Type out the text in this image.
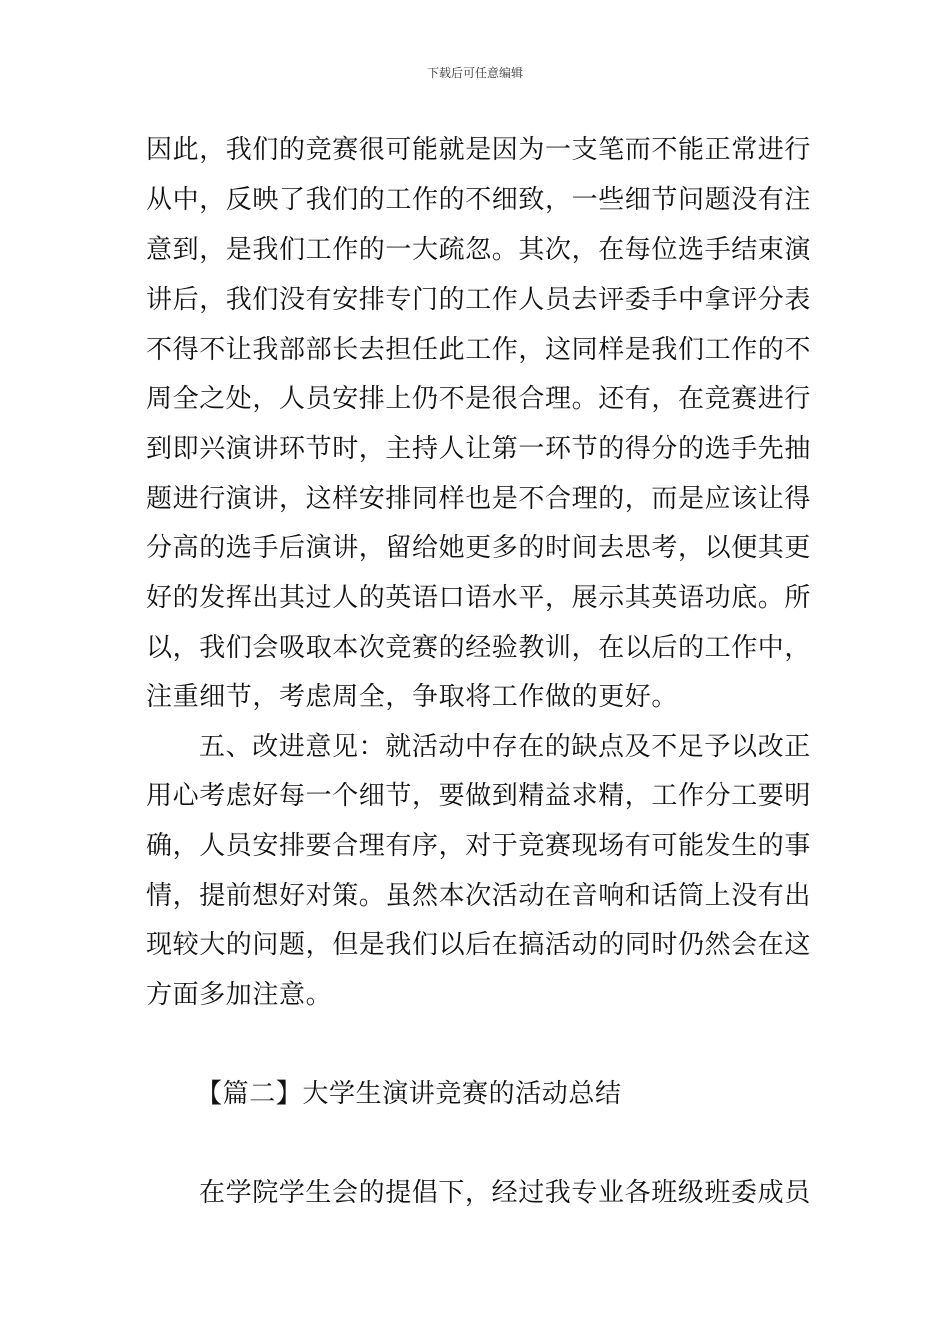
下载后可任意编辑
因此，我们的竞赛很可能就是因为一支笔而不能正常进行
从中，反映了我们的工作的不细致，一些细节问题没有注
意到，是我们工作的一大疏忽。其次，在每位选手结束演
讲后，我们没有安排专门的工作人员去评委手中拿评分表
不得不让我部部长去担任此工作，这同样是我们工作的不
周全之处，人员安排上仍不是很合理。还有，在竞赛进行
到即兴演讲环节时，主持人让第一环节的得分的选手先抽
题进行演讲，这样安排同样也是不合理的，而是应该让得
分高的选手后演讲，留给她更多的时间去思考，以便其更
好的发挥出其过人的英语口语水平，展示其英语功底。所
以，我们会吸取本次竞赛的经验教训，在以后的工作中，
注重细节，考虑周全，争取将工作做的更好。
五、改进意见：就活动中存在的缺点及不足予以改正
用心考虑好每一个细节，要做到精益求精，工作分工要明
确，人员安排要合理有序，对于竞赛现场有可能发生的事
情，提前想好对策。虽然本次活动在音响和话筒上没有出
现较大的问题，但是我们以后在搞活动的同时仍然会在这
方面多加注意。
【篇二】大学生演讲竞赛的活动总结
在学院学生会的提倡下，经过我专业各班级班委成员
